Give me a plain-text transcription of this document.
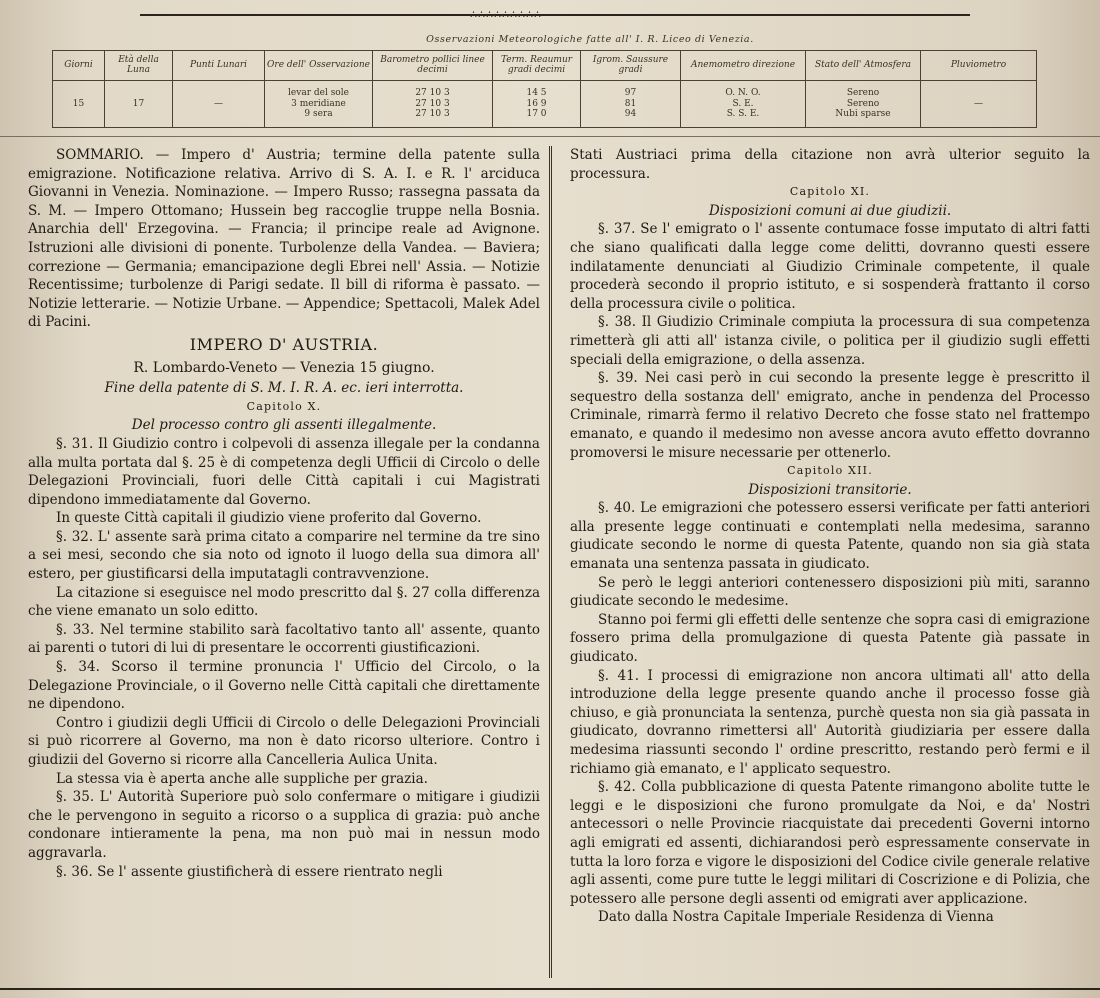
∴∴∴∴∴∴∴∴∴
Osservazioni Meteorologiche fatte all' I. R. Liceo di Venezia.
Giorni	Età della Luna	Punti Lunari	Ore dell' Osservazione	Barometro pollici linee decimi	Term. Reaumur gradi decimi	Igrom. Saussure gradi	Anemometro direzione	Stato dell' Atmosfera	Pluviometro
15	17	—	levar del sole
3 meridiane
9 sera	27 10 3
27 10 3
27 10 3	14 5
16 9
17 0	97
81
94	O. N. O.
S. E.
S. S. E.	Sereno
Sereno
Nubi sparse	—

SOMMARIO. — Impero d' Austria; termine della patente sulla emigrazione. Notificazione relativa. Arrivo di S. A. I. e R. l' arciduca Giovanni in Venezia. Nominazione. — Impero Russo; rassegna passata da S. M. — Impero Ottomano; Hussein beg raccoglie truppe nella Bosnia. Anarchia dell' Erzegovina. — Francia; il principe reale ad Avignone. Istruzioni alle divisioni di ponente. Turbolenze della Vandea. — Baviera; correzione — Germania; emancipazione degli Ebrei nell' Assia. — Notizie Recentissime; turbolenze di Parigi sedate. Il bill di riforma è passato. — Notizie letterarie. — Notizie Urbane. — Appendice; Spettacoli, Malek Adel di Pacini.

IMPERO D' AUSTRIA.
R. Lombardo-Veneto — Venezia 15 giugno.

Fine della patente di S. M. I. R. A. ec. ieri interrotta.

Capitolo X.

Del processo contro gli assenti illegalmente.

§. 31. Il Giudizio contro i colpevoli di assenza illegale per la condanna alla multa portata dal §. 25 è di competenza degli Ufficii di Circolo o delle Delegazioni Provinciali, fuori delle Città capitali i cui Magistrati dipendono immediatamente dal Governo.

In queste Città capitali il giudizio viene proferito dal Governo.

§. 32. L' assente sarà prima citato a comparire nel termine da tre sino a sei mesi, secondo che sia noto od ignoto il luogo della sua dimora all' estero, per giustificarsi della imputatagli contravvenzione.

La citazione si eseguisce nel modo prescritto dal §. 27 colla differenza che viene emanato un solo editto.

§. 33. Nel termine stabilito sarà facoltativo tanto all' assente, quanto ai parenti o tutori di lui di presentare le occorrenti giustificazioni.

§. 34. Scorso il termine pronuncia l' Ufficio del Circolo, o la Delegazione Provinciale, o il Governo nelle Città capitali che direttamente ne dipendono.

Contro i giudizii degli Ufficii di Circolo o delle Delegazioni Provinciali si può ricorrere al Governo, ma non è dato ricorso ulteriore. Contro i giudizii del Governo si ricorre alla Cancelleria Aulica Unita.

La stessa via è aperta anche alle suppliche per grazia.

§. 35. L' Autorità Superiore può solo confermare o mitigare i giudizii che le pervengono in seguito a ricorso o a supplica di grazia: può anche condonare intieramente la pena, ma non può mai in nessun modo aggravarla.

§. 36. Se l' assente giustificherà di essere rientrato negli

Stati Austriaci prima della citazione non avrà ulterior seguito la processura.

Capitolo XI.

Disposizioni comuni ai due giudizii.

§. 37. Se l' emigrato o l' assente contumace fosse imputato di altri fatti che siano qualificati dalla legge come delitti, dovranno questi essere indilatamente denunciati al Giudizio Criminale competente, il quale procederà secondo il proprio istituto, e si sospenderà frattanto il corso della processura civile o politica.

§. 38. Il Giudizio Criminale compiuta la processura di sua competenza rimetterà gli atti all' istanza civile, o politica per il giudizio sugli effetti speciali della emigrazione, o della assenza.

§. 39. Nei casi però in cui secondo la presente legge è prescritto il sequestro della sostanza dell' emigrato, anche in pendenza del Processo Criminale, rimarrà fermo il relativo Decreto che fosse stato nel frattempo emanato, e quando il medesimo non avesse ancora avuto effetto dovranno promoversi le misure necessarie per ottenerlo.

Capitolo XII.

Disposizioni transitorie.

§. 40. Le emigrazioni che potessero essersi verificate per fatti anteriori alla presente legge continuati e contemplati nella medesima, saranno giudicate secondo le norme di questa Patente, quando non sia già stata emanata una sentenza passata in giudicato.

Se però le leggi anteriori contenessero disposizioni più miti, saranno giudicate secondo le medesime.

Stanno poi fermi gli effetti delle sentenze che sopra casi di emigrazione fossero prima della promulgazione di questa Patente già passate in giudicato.

§. 41. I processi di emigrazione non ancora ultimati all' atto della introduzione della legge presente quando anche il processo fosse già chiuso, e già pronunciata la sentenza, purchè questa non sia già passata in giudicato, dovranno rimettersi all' Autorità giudiziaria per essere dalla medesima riassunti secondo l' ordine prescritto, restando però fermi e il richiamo già emanato, e l' applicato sequestro.

§. 42. Colla pubblicazione di questa Patente rimangono abolite tutte le leggi e le disposizioni che furono promulgate da Noi, e da' Nostri antecessori o nelle Provincie riacquistate dai precedenti Governi intorno agli emigrati ed assenti, dichiarandosi però espressamente conservate in tutta la loro forza e vigore le disposizioni del Codice civile generale relative agli assenti, come pure tutte le leggi militari di Coscrizione e di Polizia, che potessero alle persone degli assenti od emigrati aver applicazione.

Dato dalla Nostra Capitale Imperiale Residenza di Vienna
